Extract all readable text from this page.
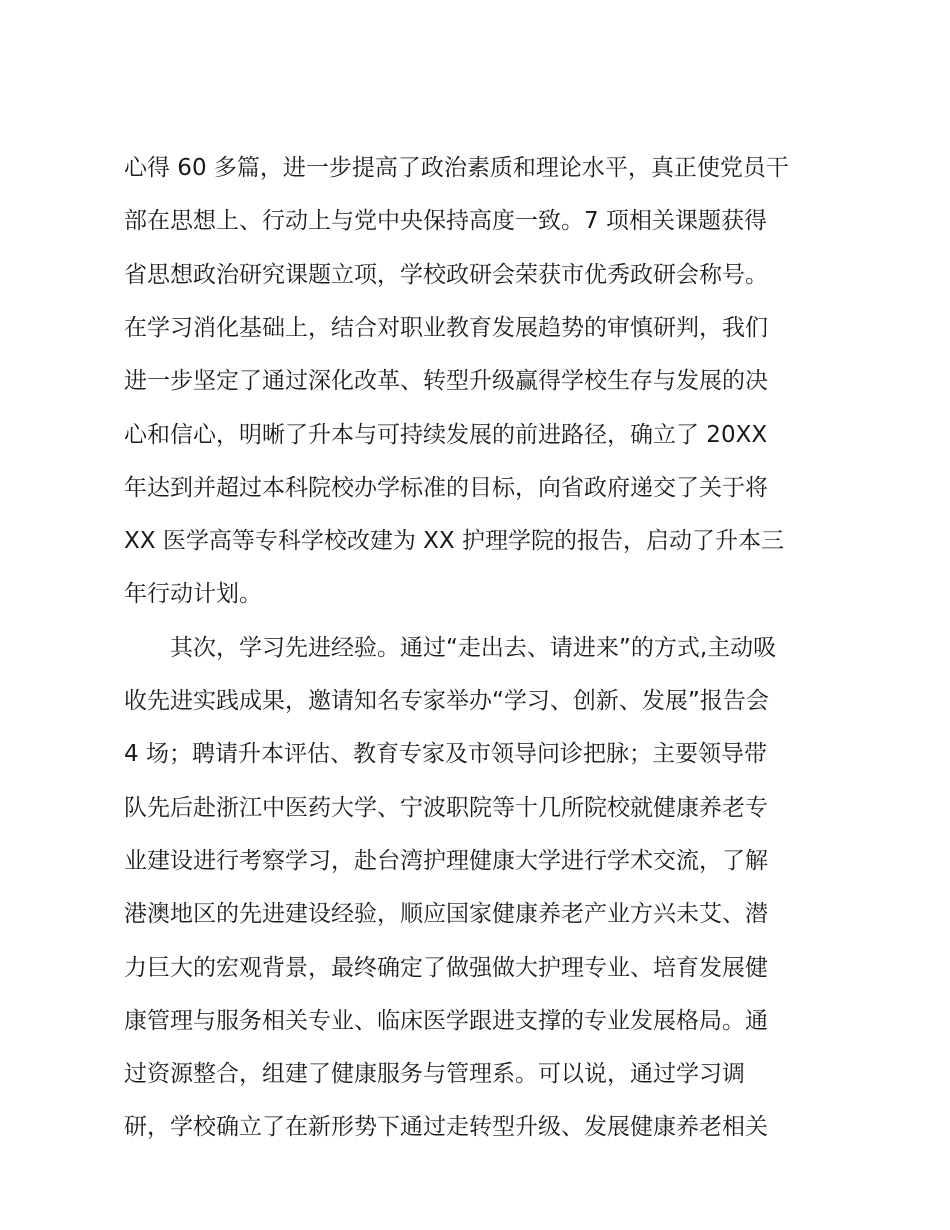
心得 60 多篇，进一步提高了政治素质和理论水平，真正使党员干

部在思想上、行动上与党中央保持高度一致。7 项相关课题获得

省思想政治研究课题立项，学校政研会荣获市优秀政研会称号。

在学习消化基础上，结合对职业教育发展趋势的审慎研判，我们

进一步坚定了通过深化改革、转型升级赢得学校生存与发展的决

心和信心，明晰了升本与可持续发展的前进路径，确立了 20XX

年达到并超过本科院校办学标准的目标，向省政府递交了关于将

XX 医学高等专科学校改建为 XX 护理学院的报告，启动了升本三

年行动计划。

其次，学习先进经验。通过“走出去、请进来”的方式,主动吸

收先进实践成果，邀请知名专家举办“学习、创新、发展”报告会

4 场；聘请升本评估、教育专家及市领导问诊把脉；主要领导带

队先后赴浙江中医药大学、宁波职院等十几所院校就健康养老专

业建设进行考察学习，赴台湾护理健康大学进行学术交流，了解

港澳地区的先进建设经验，顺应国家健康养老产业方兴未艾、潜

力巨大的宏观背景，最终确定了做强做大护理专业、培育发展健

康管理与服务相关专业、临床医学跟进支撑的专业发展格局。通

过资源整合，组建了健康服务与管理系。可以说，通过学习调

研，学校确立了在新形势下通过走转型升级、发展健康养老相关
